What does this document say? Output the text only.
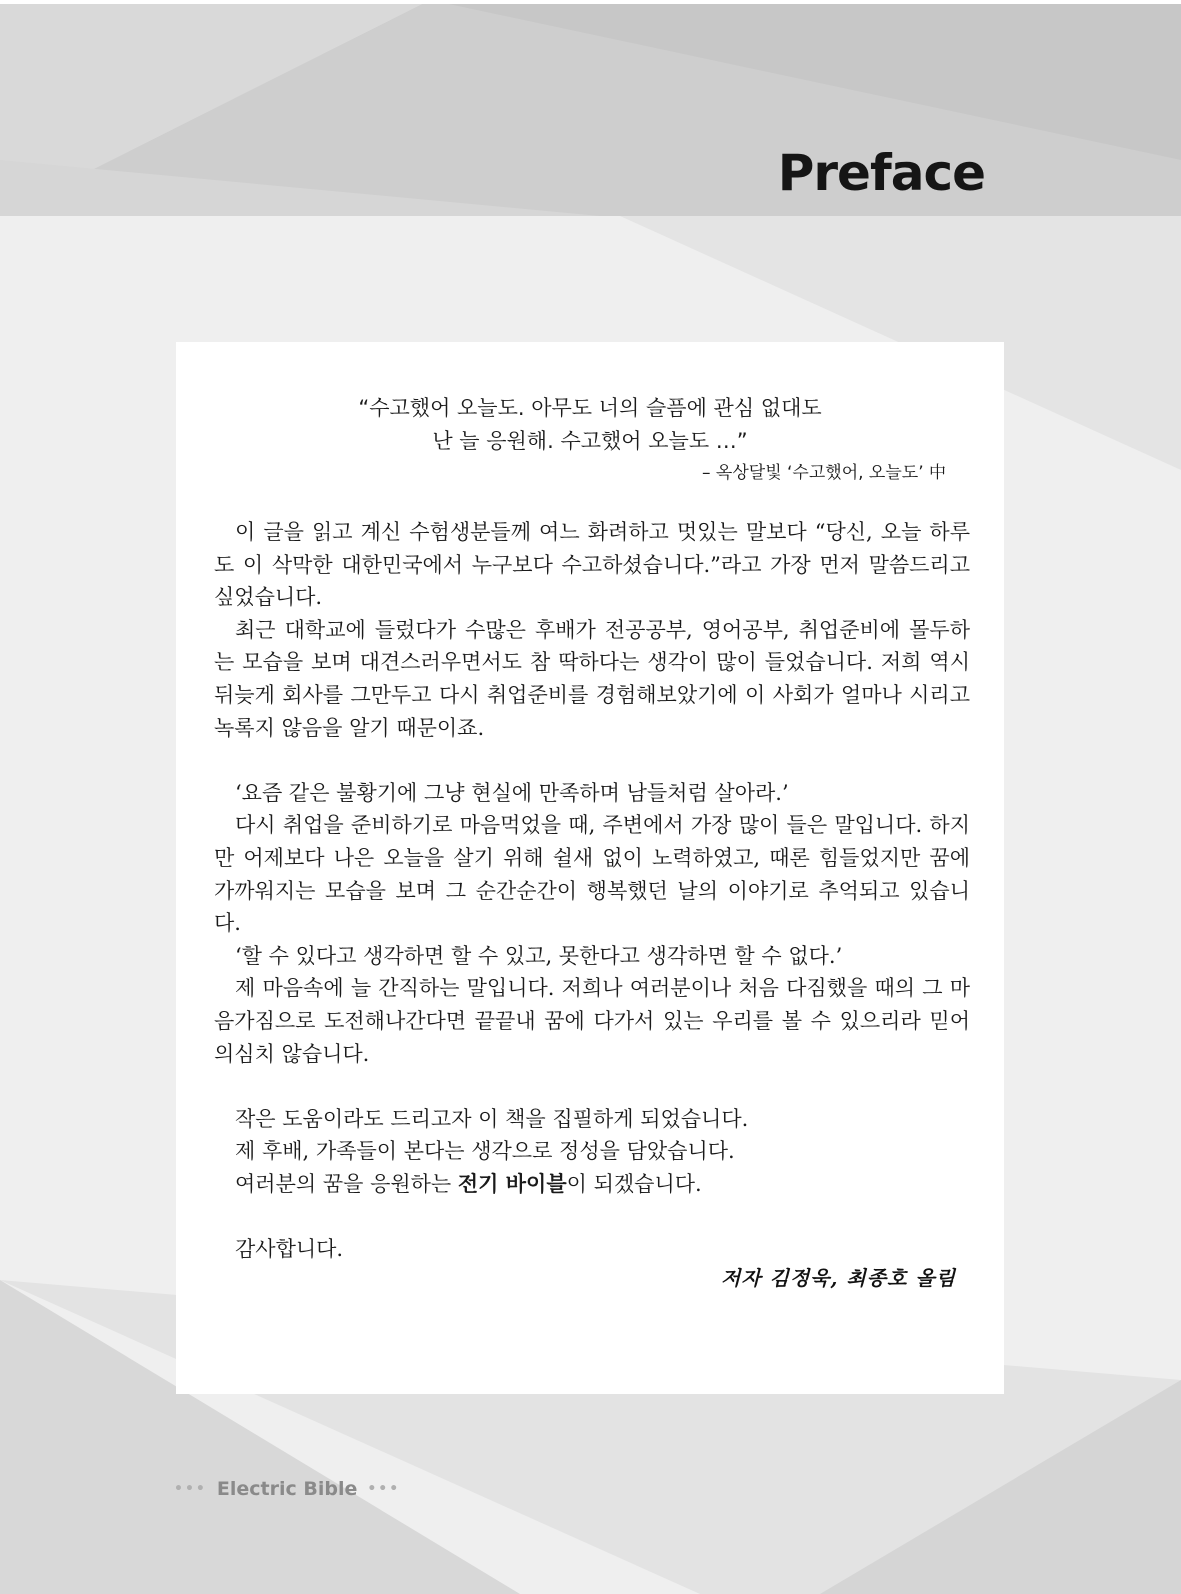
Preface
“수고했어 오늘도. 아무도 너의 슬픔에 관심 없대도
난 늘 응원해. 수고했어 오늘도 …”
– 옥상달빛 ‘수고했어, 오늘도’ 中

이 글을 읽고 계신 수험생분들께 여느 화려하고 멋있는 말보다 “당신, 오늘 하루도 이 삭막한 대한민국에서 누구보다 수고하셨습니다.”라고 가장 먼저 말씀드리고 싶었습니다.

최근 대학교에 들렀다가 수많은 후배가 전공공부, 영어공부, 취업준비에 몰두하는 모습을 보며 대견스러우면서도 참 딱하다는 생각이 많이 들었습니다. 저희 역시 뒤늦게 회사를 그만두고 다시 취업준비를 경험해보았기에 이 사회가 얼마나 시리고 녹록지 않음을 알기 때문이죠.

‘요즘 같은 불황기에 그냥 현실에 만족하며 남들처럼 살아라.’

다시 취업을 준비하기로 마음먹었을 때, 주변에서 가장 많이 들은 말입니다. 하지만 어제보다 나은 오늘을 살기 위해 쉴새 없이 노력하였고, 때론 힘들었지만 꿈에 가까워지는 모습을 보며 그 순간순간이 행복했던 날의 이야기로 추억되고 있습니다.

‘할 수 있다고 생각하면 할 수 있고, 못한다고 생각하면 할 수 없다.’

제 마음속에 늘 간직하는 말입니다. 저희나 여러분이나 처음 다짐했을 때의 그 마음가짐으로 도전해나간다면 끝끝내 꿈에 다가서 있는 우리를 볼 수 있으리라 믿어 의심치 않습니다.

작은 도움이라도 드리고자 이 책을 집필하게 되었습니다.

제 후배, 가족들이 본다는 생각으로 정성을 담았습니다.

여러분의 꿈을 응원하는 전기 바이블이 되겠습니다.

감사합니다.

저자 김정욱, 최종호 올림
••• Electric Bible •••
